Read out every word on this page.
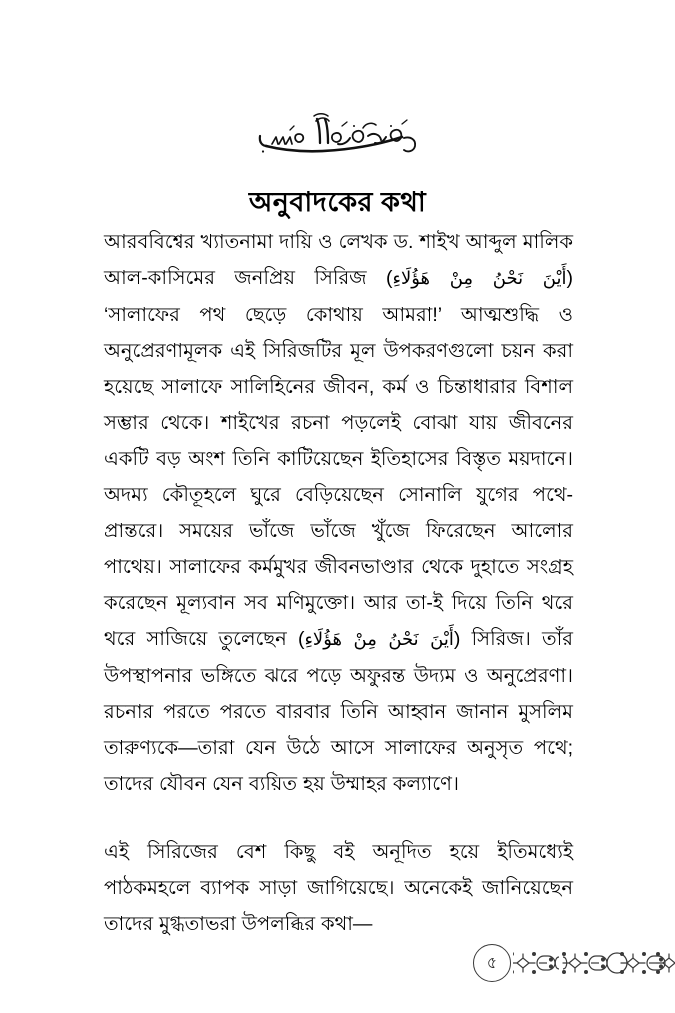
অনুবাদকের কথা

আরববিশ্বের খ্যাতনামা দায়ি ও লেখক ড. শাইখ আব্দুল মালিক আল-কাসিমের জনপ্রিয় সিরিজ (أَيْنَ نَحْنُ مِنْ هَؤُلَاءِ) ‘সালাফের পথ ছেড়ে কোথায় আমরা!’ আত্মশুদ্ধি ও অনুপ্রেরণামূলক এই সিরিজটির মূল উপকরণগুলো চয়ন করা হয়েছে সালাফে সালিহিনের জীবন, কর্ম ও চিন্তাধারার বিশাল সম্ভার থেকে। শাইখের রচনা পড়লেই বোঝা যায় জীবনের একটি বড় অংশ তিনি কাটিয়েছেন ইতিহাসের বিস্তৃত ময়দানে। অদম্য কৌতূহলে ঘুরে বেড়িয়েছেন সোনালি যুগের পথে-প্রান্তরে। সময়ের ভাঁজে ভাঁজে খুঁজে ফিরেছেন আলোর পাথেয়। সালাফের কর্মমুখর জীবনভাণ্ডার থেকে দুহাতে সংগ্রহ করেছেন মূল্যবান সব মণিমুক্তো। আর তা-ই দিয়ে তিনি থরে থরে সাজিয়ে তুলেছেন (أَيْنَ نَحْنُ مِنْ هَؤُلَاءِ) সিরিজ। তাঁর উপস্থাপনার ভঙ্গিতে ঝরে পড়ে অফুরন্ত উদ্যম ও অনুপ্রেরণা। রচনার পরতে পরতে বারবার তিনি আহ্বান জানান মুসলিম তারুণ্যকে—তারা যেন উঠে আসে সালাফের অনুসৃত পথে; তাদের যৌবন যেন ব্যয়িত হয় উম্মাহর কল্যাণে।

এই সিরিজের বেশ কিছু বই অনূদিত হয়ে ইতিমধ্যেই পাঠকমহলে ব্যাপক সাড়া জাগিয়েছে। অনেকেই জানিয়েছেন তাদের মুগ্ধতাভরা উপলব্ধির কথা—

৫
